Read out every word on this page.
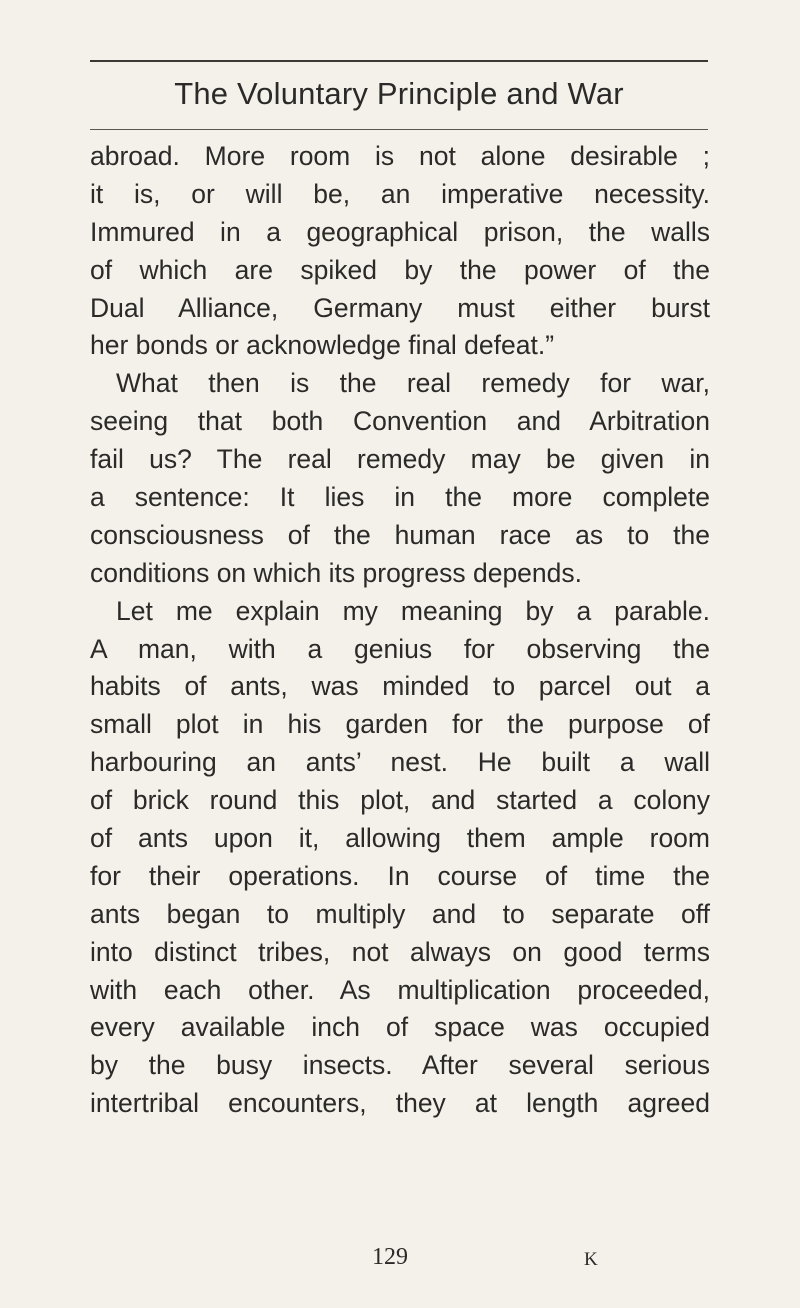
The Voluntary Principle and War
abroad. More room is not alone desirable ;
it is, or will be, an imperative necessity.
Immured in a geographical prison, the walls
of which are spiked by the power of the
Dual Alliance, Germany must either burst
her bonds or acknowledge final defeat.”
What then is the real remedy for war,
seeing that both Convention and Arbitration
fail us? The real remedy may be given in
a sentence: It lies in the more complete
consciousness of the human race as to the
conditions on which its progress depends.
Let me explain my meaning by a parable.
A man, with a genius for observing the
habits of ants, was minded to parcel out a
small plot in his garden for the purpose of
harbouring an ants’ nest. He built a wall
of brick round this plot, and started a colony
of ants upon it, allowing them ample room
for their operations. In course of time the
ants began to multiply and to separate off
into distinct tribes, not always on good terms
with each other. As multiplication proceeded,
every available inch of space was occupied
by the busy insects. After several serious
intertribal encounters, they at length agreed
129	K
